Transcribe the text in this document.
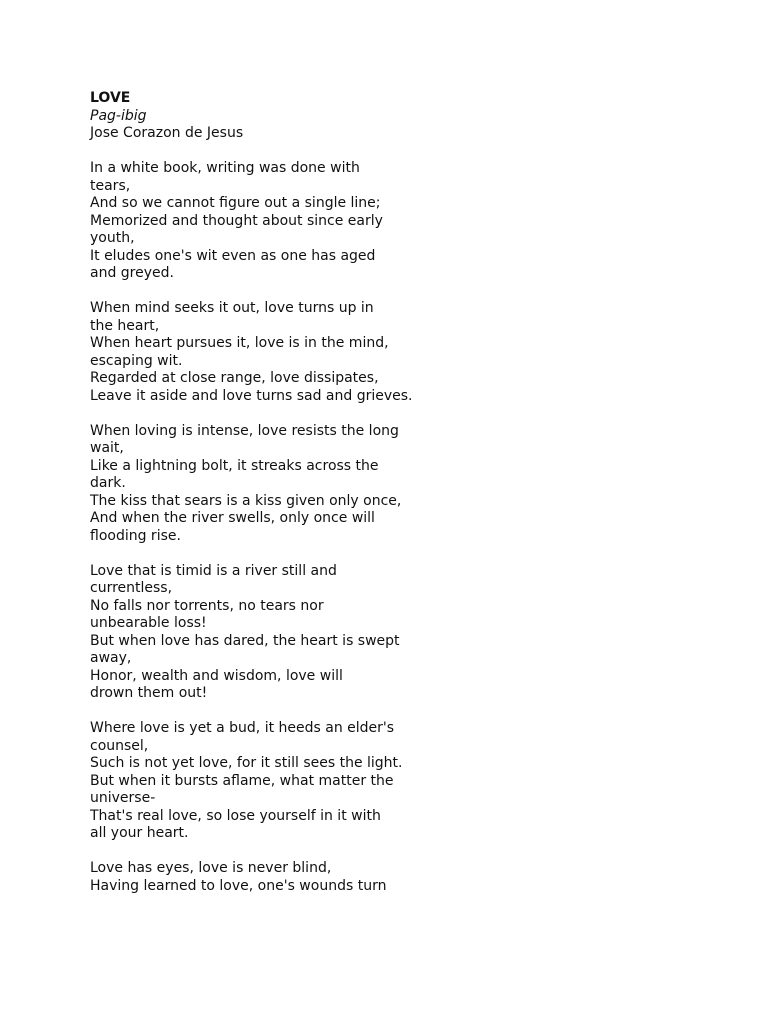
LOVE
Pag-ibig
Jose Corazon de Jesus
In a white book, writing was done with
tears,
And so we cannot figure out a single line;
Memorized and thought about since early
youth,
It eludes one's wit even as one has aged
and greyed.
When mind seeks it out, love turns up in
the heart,
When heart pursues it, love is in the mind,
escaping wit.
Regarded at close range, love dissipates,
Leave it aside and love turns sad and grieves.
When loving is intense, love resists the long
wait,
Like a lightning bolt, it streaks across the
dark.
The kiss that sears is a kiss given only once,
And when the river swells, only once will
flooding rise.
Love that is timid is a river still and
currentless,
No falls nor torrents, no tears nor
unbearable loss!
But when love has dared, the heart is swept
away,
Honor, wealth and wisdom, love will
drown them out!
Where love is yet a bud, it heeds an elder's
counsel,
Such is not yet love, for it still sees the light.
But when it bursts aflame, what matter the
universe-
That's real love, so lose yourself in it with
all your heart.
Love has eyes, love is never blind,
Having learned to love, one's wounds turn
